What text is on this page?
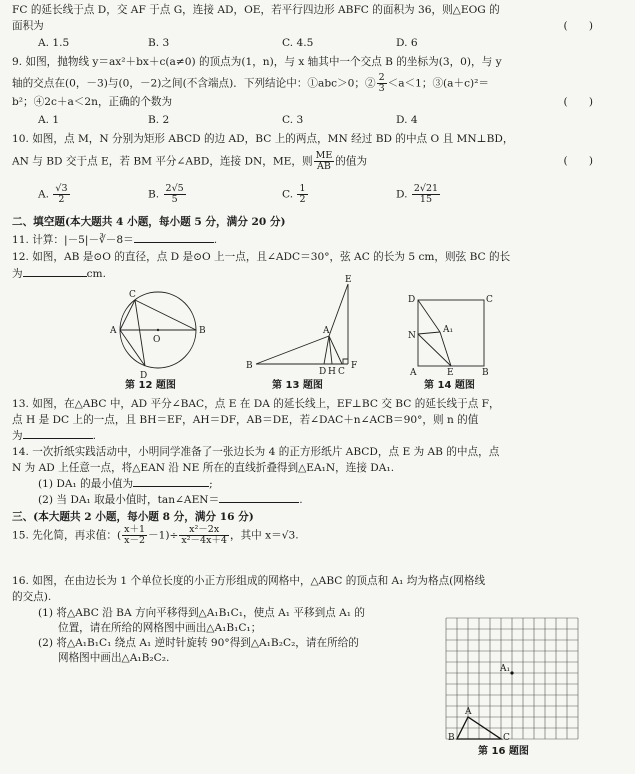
FC 的延长线于点 D，交 AF 于点 G，连接 AD，OE，若平行四边形 ABFC 的面积为 36，则△EOG 的
面积为	(　　)
A. 1.5	B. 3	C. 4.5	D. 6
9. 如图，抛物线 y＝ax²＋bx＋c(a≠0) 的顶点为(1，n)，与 x 轴其中一个交点 B 的坐标为(3，0)，与 y
轴的交点在(0，－3)与(0，－2)之间(不含端点)．下列结论中：①abc＞0；② $\frac{2}{3} <a<1$；③(a＋c)²＝
b²；④2c＋a＜2n，正确的个数为	(　　)
A. 1	B. 2	C. 3	D. 4
10. 如图，点 M，N 分别为矩形 ABCD 的边 AD，BC 上的两点，MN 经过 BD 的中点 O 且 MN⊥BD，
AN 与 BD 交于点 E，若 BM 平分∠ABD，连接 DN，ME，则 $\frac{ME}{AB}$ 的值为	(　　)
A. $\frac{√3}{2}$	B. $\frac{2√5}{5}$	C. $\frac{1}{2}$	D. $\frac{2√21}{15}$
二、填空题(本大题共 4 小题，每小题 5 分，满分 20 分)
11. 计算：|－5|－∛－8＝	.
12. 如图，AB 是⊙O 的直径，点 D 是⊙O 上一点，且∠ADC＝30°，弦 AC 的长为 5 cm，则弦 BC 的长
为	cm.
C
A
O
B
D
E
A
B
D H C
F
D	C
A₁
N
A	E	B
第 12 题图	第 13 题图	第 14 题图
13. 如图，在△ABC 中，AD 平分∠BAC，点 E 在 DA 的延长线上，EF⊥BC 交 BC 的延长线于点 F，
点 H 是 DC 上的一点，且 BH＝EF，AH＝DF，AB＝DE，若∠DAC＋n∠ACB＝90°，则 n 的值
为	.
14. 一次折纸实践活动中，小明同学准备了一张边长为 4 的正方形纸片 ABCD，点 E 为 AB 的中点，点
N 为 AD 上任意一点，将△EAN 沿 NE 所在的直线折叠得到△EA₁N，连接 DA₁.
(1) DA₁ 的最小值为	;
(2) 当 DA₁ 取最小值时，tan∠AEN＝	.
三、(本大题共 2 小题，每小题 8 分，满分 16 分)
15. 先化简，再求值：( $\frac{x+1}{x-2} -1)\div \frac{\text{x²－2x}}{\text{x²－4x＋4}}$ ，其中 x＝√3.
16. 如图，在由边长为 1 个单位长度的小正方形组成的网格中，△ABC 的顶点和 A₁ 均为格点(网格线
的交点).
(1) 将△ABC 沿 BA 方向平移得到△A₁B₁C₁，使点 A₁ 平移到点 A₁ 的
位置，请在所给的网格图中画出△A₁B₁C₁；
(2) 将△A₁B₁C₁ 绕点 A₁ 逆时针旋转 90°得到△A₁B₂C₂，请在所给的
网格图中画出△A₁B₂C₂.
A₁
A
B	C
第 16 题图
